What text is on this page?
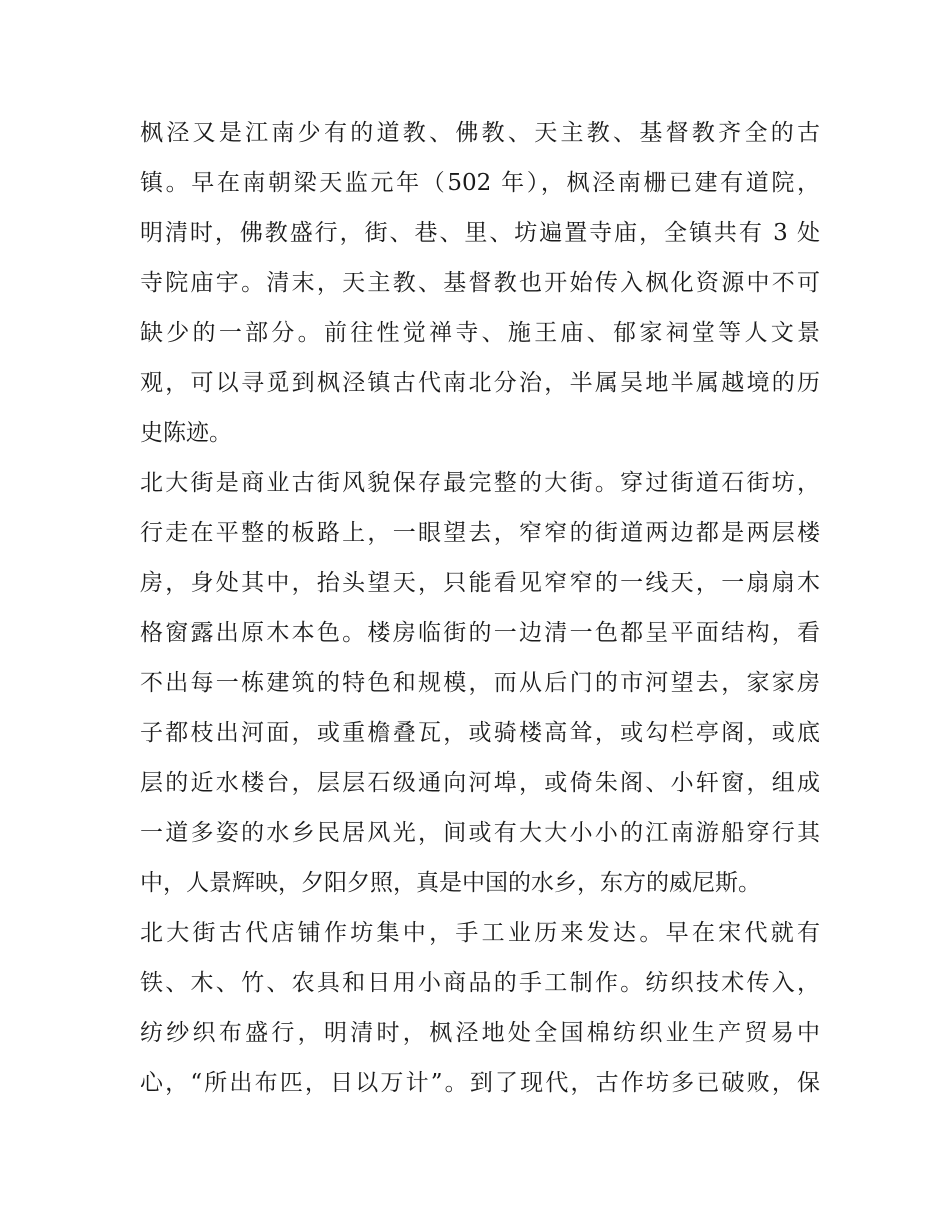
枫泾又是江南少有的道教、佛教、天主教、基督教齐全的古
镇。早在南朝梁天监元年（502 年），枫泾南栅已建有道院，
明清时，佛教盛行，街、巷、里、坊遍置寺庙，全镇共有 3 处
寺院庙宇。清末，天主教、基督教也开始传入枫化资源中不可
缺少的一部分。前往性觉禅寺、施王庙、郁家祠堂等人文景
观，可以寻觅到枫泾镇古代南北分治，半属吴地半属越境的历
史陈迹。
北大街是商业古街风貌保存最完整的大街。穿过街道石街坊，
行走在平整的板路上，一眼望去，窄窄的街道两边都是两层楼
房，身处其中，抬头望天，只能看见窄窄的一线天，一扇扇木
格窗露出原木本色。楼房临街的一边清一色都呈平面结构，看
不出每一栋建筑的特色和规模，而从后门的市河望去，家家房
子都枝出河面，或重檐叠瓦，或骑楼高耸，或勾栏亭阁，或底
层的近水楼台，层层石级通向河埠，或倚朱阁、小轩窗，组成
一道多姿的水乡民居风光，间或有大大小小的江南游船穿行其
中，人景辉映，夕阳夕照，真是中国的水乡，东方的威尼斯。
北大街古代店铺作坊集中，手工业历来发达。早在宋代就有
铁、木、竹、农具和日用小商品的手工制作。纺织技术传入，
纺纱织布盛行，明清时，枫泾地处全国棉纺织业生产贸易中
心，“所出布匹，日以万计”。到了现代，古作坊多已破败，保
